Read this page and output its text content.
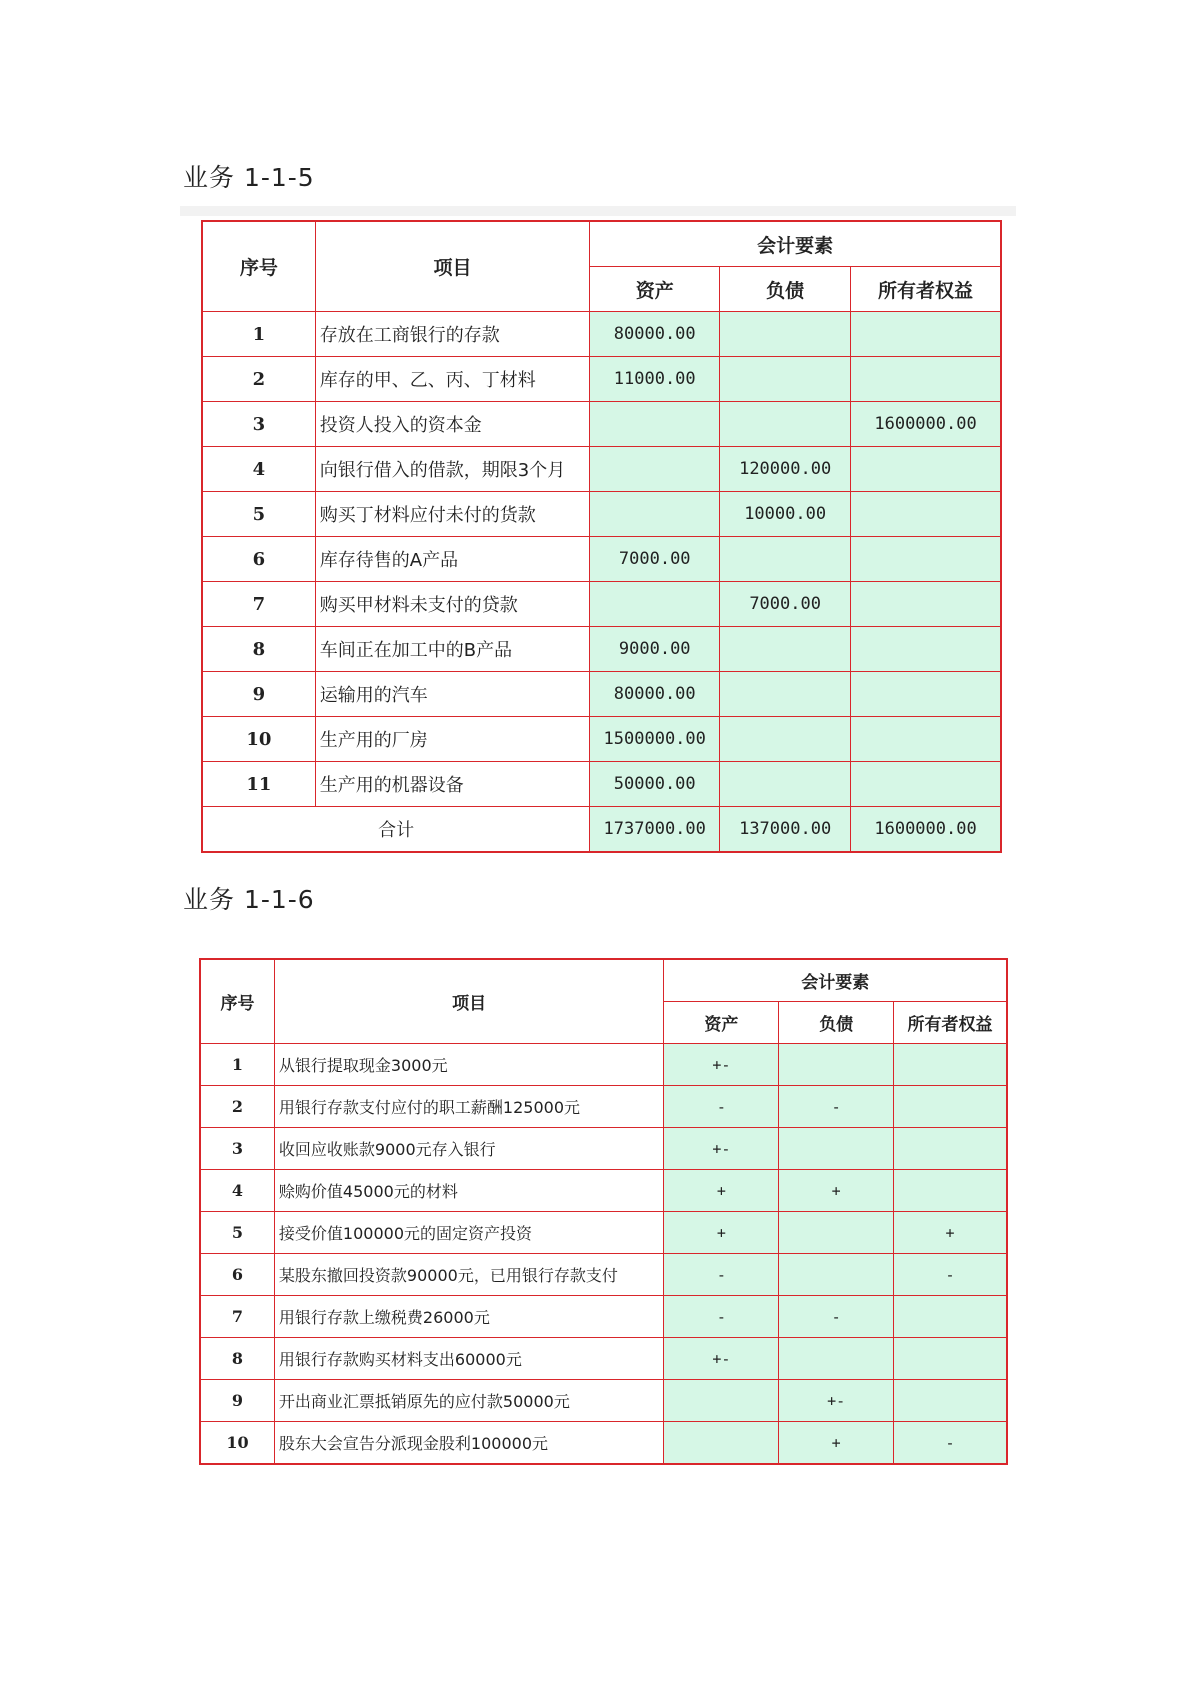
业务 1-1-5
序号	项目	会计要素		
		资产	负债	所有者权益
1	存放在工商银行的存款	80000.00		
2	库存的甲、乙、丙、丁材料	11000.00		
3	投资人投入的资本金			1600000.00
4	向银行借入的借款，期限3个月		120000.00	
5	购买丁材料应付未付的货款		10000.00	
6	库存待售的A产品	7000.00		
7	购买甲材料未支付的贷款		7000.00	
8	车间正在加工中的B产品	9000.00		
9	运输用的汽车	80000.00		
10	生产用的厂房	1500000.00		
11	生产用的机器设备	50000.00		
合计		1737000.00	137000.00	1600000.00
业务 1-1-6
序号	项目	会计要素		
		资产	负债	所有者权益
1	从银行提取现金3000元	+-		
2	用银行存款支付应付的职工薪酬125000元	-	-	
3	收回应收账款9000元存入银行	+-		
4	赊购价值45000元的材料	+	+	
5	接受价值100000元的固定资产投资	+		+
6	某股东撤回投资款90000元，已用银行存款支付	-		-
7	用银行存款上缴税费26000元	-	-	
8	用银行存款购买材料支出60000元	+-		
9	开出商业汇票抵销原先的应付款50000元		+-	
10	股东大会宣告分派现金股利100000元		+	-
